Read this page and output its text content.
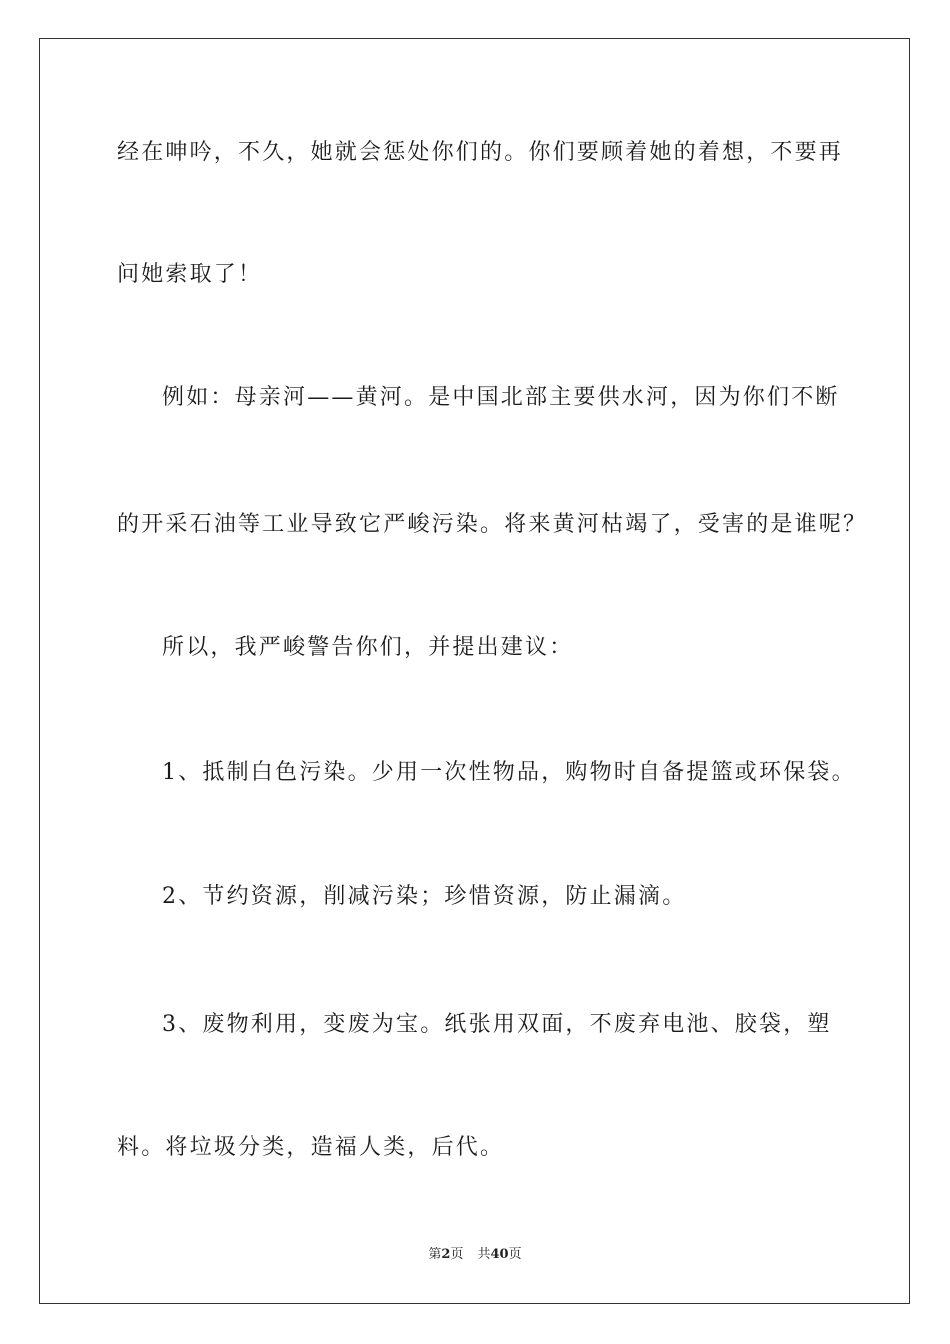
经在呻吟，不久，她就会惩处你们的。你们要顾着她的着想，不要再
问她索取了！
例如：母亲河——黄河。是中国北部主要供水河，因为你们不断
的开采石油等工业导致它严峻污染。将来黄河枯竭了，受害的是谁呢？
所以，我严峻警告你们，并提出建议：
1、抵制白色污染。少用一次性物品，购物时自备提篮或环保袋。
2、节约资源，削减污染；珍惜资源，防止漏滴。
3、废物利用，变废为宝。纸张用双面，不废弃电池、胶袋，塑
料。将垃圾分类，造福人类，后代。
第2页 共40页
